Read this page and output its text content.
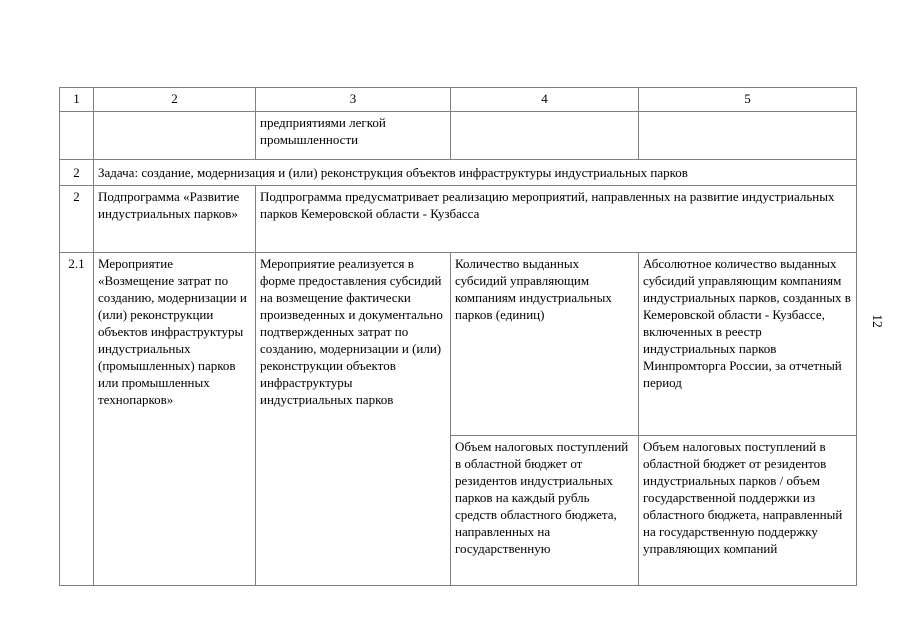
1	2	3	4	5
		предприятиями легкой промышленности		
2	Задача: создание, модернизация и (или) реконструкция объектов инфраструктуры индустриальных парков			
2	Подпрограмма «Развитие индустриальных парков»	Подпрограмма предусматривает реализацию мероприятий, направленных на развитие индустриальных парков Кемеровской области - Кузбасса		
2.1	Мероприятие «Возмещение затрат по созданию, модернизации и (или) реконструкции объектов инфраструктуры индустриальных (промышленных) парков или промышленных технопарков»	Мероприятие реализуется в форме предоставления субсидий на возмещение фактически произведенных и документально подтвержденных затрат по созданию, модернизации и (или) реконструкции объектов инфраструктуры индустриальных парков	Количество выданных субсидий управляющим компаниям индустриальных парков (единиц)	Абсолютное количество выданных субсидий управляющим компаниям индустриальных парков, созданных в Кемеровской области - Кузбассе, включенных в реестр индустриальных парков Минпромторга России, за отчетный период
			Объем налоговых поступлений в областной бюджет от резидентов индустриальных парков на каждый рубль средств областного бюджета, направленных на государственную	Объем налоговых поступлений в областной бюджет от резидентов индустриальных парков / объем государственной поддержки из областного бюджета, направленный на государственную поддержку управляющих компаний
12
